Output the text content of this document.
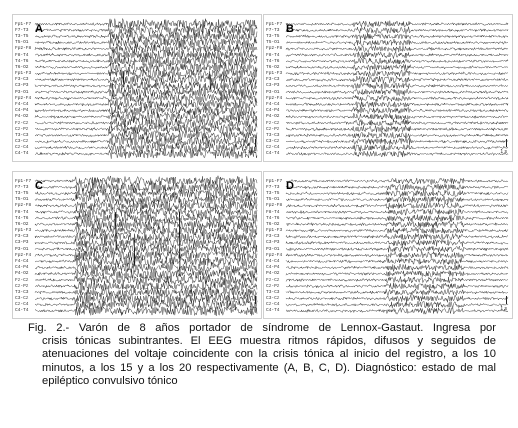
Fp1-F7
F7-T3
T3-T5
T5-O1
Fp2-F8
F8-T4
T4-T6
T6-O2
Fp1-F3
F3-C3
C3-P3
P3-O1
Fp2-F4
F4-C4
C4-P4
P4-O2
Fz-Cz
Cz-Pz
T3-C3
C3-Cz
Cz-C4
C4-T4
A
1 sec
Fp1-F7
F7-T3
T3-T5
T5-O1
Fp2-F8
F8-T4
T4-T6
T6-O2
Fp1-F3
F3-C3
C3-P3
P3-O1
Fp2-F4
F4-C4
C4-P4
P4-O2
Fz-Cz
Cz-Pz
T3-C3
C3-Cz
Cz-C4
C4-T4
B
1 s
Fp1-F7
F7-T3
T3-T5
T5-O1
Fp2-F8
F8-T4
T4-T6
T6-O2
Fp1-F3
F3-C3
C3-P3
P3-O1
Fp2-F4
F4-C4
C4-P4
P4-O2
Fz-Cz
Cz-Pz
T3-C3
C3-Cz
Cz-C4
C4-T4
C
1 s
Fp1-F7
F7-T3
T3-T5
T5-O1
Fp2-F8
F8-T4
T4-T6
T6-O2
Fp1-F3
F3-C3
C3-P3
P3-O1
Fp2-F4
F4-C4
C4-P4
P4-O2
Fz-Cz
Cz-Pz
T3-C3
C3-Cz
Cz-C4
C4-T4
D
1 s
Fig. 2.- Varón de 8 años portador de síndrome de Lennox-Gastaut. Ingresa por
crisis tónicas subintrantes. El EEG muestra ritmos rápidos, difusos y seguidos de atenuaciones del voltaje coincidente con la crisis tónica al inicio del registro, a los 10 minutos, a los 15 y a los 20 respectivamente (A, B, C, D). Diagnóstico: estado de mal epiléptico convulsivo tónico
